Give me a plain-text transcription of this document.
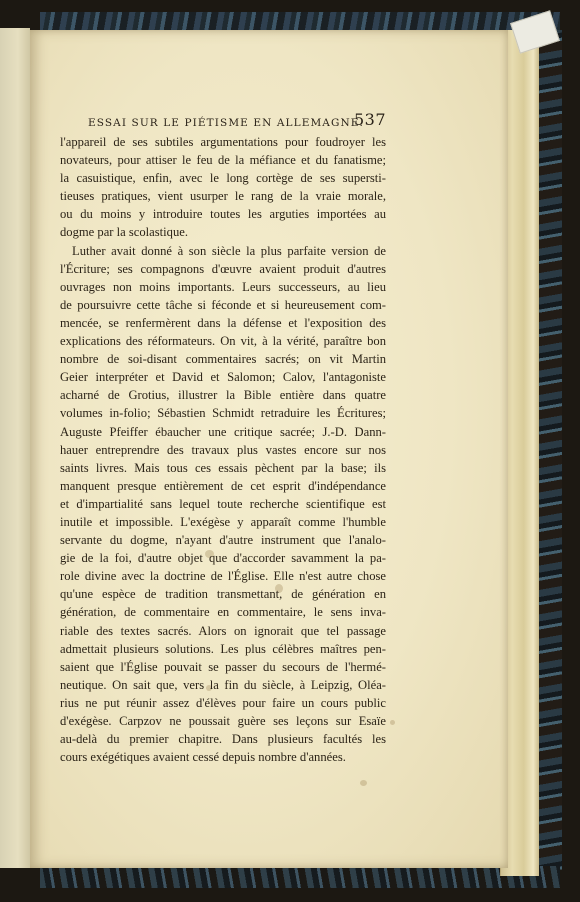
ESSAI SUR LE PIÉTISME EN ALLEMAGNE.
537
l'appareil de ses subtiles argumentations pour foudroyer les
novateurs, pour attiser le feu de la méfiance et du fanatisme;
la casuistique, enfin, avec le long cortège de ses supersti-
tieuses pratiques, vient usurper le rang de la vraie morale,
ou du moins y introduire toutes les arguties importées au
dogme par la scolastique.
Luther avait donné à son siècle la plus parfaite version de
l'Écriture; ses compagnons d'œuvre avaient produit d'autres
ouvrages non moins importants. Leurs successeurs, au lieu
de poursuivre cette tâche si féconde et si heureusement com-
mencée, se renfermèrent dans la défense et l'exposition des
explications des réformateurs. On vit, à la vérité, paraître bon
nombre de soi-disant commentaires sacrés; on vit Martin
Geier interpréter et David et Salomon; Calov, l'antagoniste
acharné de Grotius, illustrer la Bible entière dans quatre
volumes in-folio; Sébastien Schmidt retraduire les Écritures;
Auguste Pfeiffer ébaucher une critique sacrée; J.-D. Dann-
hauer entreprendre des travaux plus vastes encore sur nos
saints livres. Mais tous ces essais pèchent par la base; ils
manquent presque entièrement de cet esprit d'indépendance
et d'impartialité sans lequel toute recherche scientifique est
inutile et impossible. L'exégèse y apparaît comme l'humble
servante du dogme, n'ayant d'autre instrument que l'analo-
gie de la foi, d'autre objet que d'accorder savamment la pa-
role divine avec la doctrine de l'Église. Elle n'est autre chose
qu'une espèce de tradition transmettant, de génération en
génération, de commentaire en commentaire, le sens inva-
riable des textes sacrés. Alors on ignorait que tel passage
admettait plusieurs solutions. Les plus célèbres maîtres pen-
saient que l'Église pouvait se passer du secours de l'hermé-
neutique. On sait que, vers la fin du siècle, à Leipzig, Oléa-
rius ne put réunir assez d'élèves pour faire un cours public
d'exégèse. Carpzov ne poussait guère ses leçons sur Esaïe
au-delà du premier chapitre. Dans plusieurs facultés les
cours exégétiques avaient cessé depuis nombre d'années.
